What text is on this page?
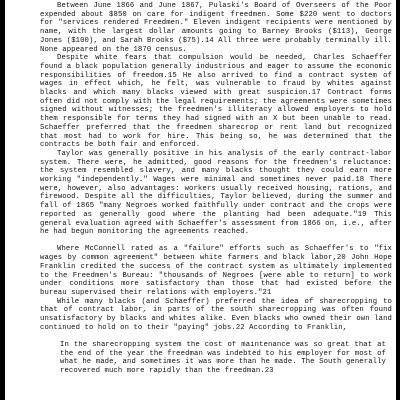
Between June 1866 and June 1867, Pulaski's Board of Overseers of the Poor expended about $850 on care for indigent freedmen. Some $220 went to doctors for "services rendered Freedmen." Eleven indigent recipients were mentioned by name, with the largest dollar amounts going to Barney Brooks ($113), George Jones ($100), and Sarah Brooks ($75).14 All three were probably terminally ill. None appeared on the 1870 census.

Despite white fears that compulsion would be needed, Charles Schaeffer found a black population generally industrious and eager to assume the economic responsibilities of freedom.15 He also arrived to find a contract system of wages in effect which, he felt, was vulnerable to fraud by whites against blacks and which many blacks viewed with great suspicion.17 Contract forms often did not comply with the legal requirements; the agreements were sometimes signed without witnesses; the freedmen's illiteracy allowed employers to hold them responsible for terms they had signed with an X but been unable to read. Schaeffer preferred that the freedmen sharecrop or rent land but recognized that most had to work for hire. This being so, he was determined that the contracts be both fair and enforced.

Taylor was generally positive in his analysis of the early contract-labor system. There were, he admitted, good reasons for the freedmen's reluctance: the system resembled slavery, and many blacks thought they could earn more working "independently." Wages were minimal and sometimes never paid.18 There were, however, also advantages: workers usually received housing, rations, and firewood. Despite all the difficulties, Taylor believed, during the summer and fall of 1865 "many Negroes worked faithfully under contract and the crops were reported as generally good where the planting had been adequate."19 This general evaluation agreed with Schaeffer's assessment from 1866 on, i.e., after he had begun monitoring the agreements reached.

Where McConnell rated as a "failure" efforts such as Schaeffer's to "fix wages by common agreement" between white farmers and black labor,20 John Hope Franklin credited the success of the contract system as ultimately implemented to the Freedmen's Bureau: "thousands of Negroes [were able to return] to work under conditions more satisfactory than those that had existed before the bureau supervised their relations with employers."21

While many blacks (and Schaeffer) preferred the idea of sharecropping to that of contract labor, in parts of the south sharecropping was often found unsatisfactory by blacks and whites alike. Even blacks who owned their own land continued to hold on to their "paying" jobs.22 According to Franklin,

In the sharecropping system the cost of maintenance was so great that at the end of the year the freedman was indebted to his employer for most of what he made, and sometimes it was more than he made. The South generally recovered much more rapidly than the freedman.23
